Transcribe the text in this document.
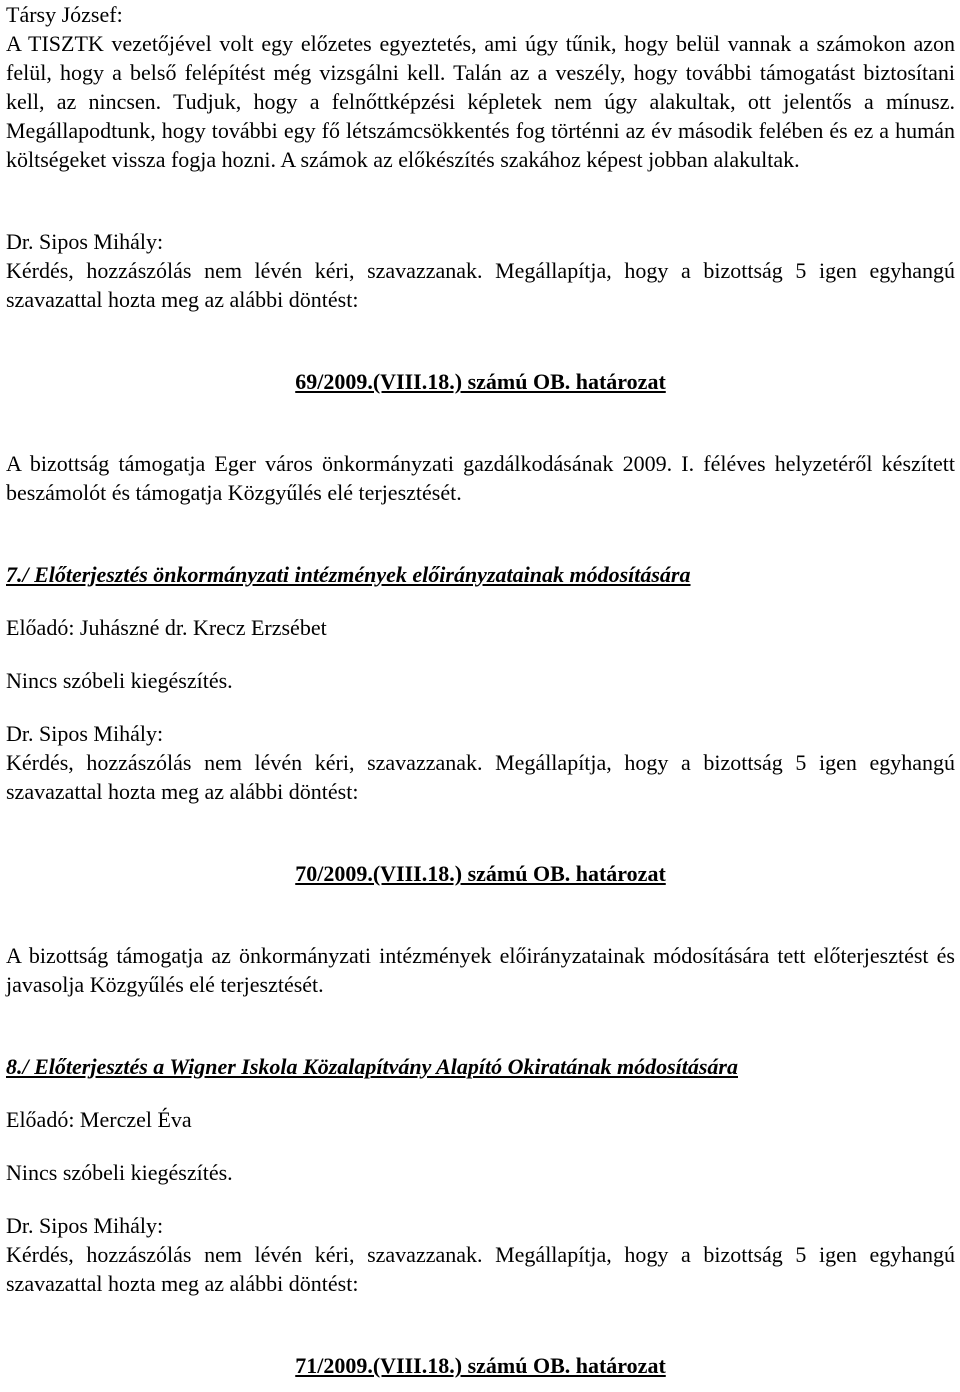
Társy József:

A TISZTK vezetőjével volt egy előzetes egyeztetés, ami úgy tűnik, hogy belül vannak a számokon azon felül, hogy a belső felépítést még vizsgálni kell. Talán az a veszély, hogy további támogatást biztosítani kell, az nincsen. Tudjuk, hogy a felnőttképzési képletek nem úgy alakultak, ott jelentős a mínusz. Megállapodtunk, hogy további egy fő létszámcsökkentés fog történni az év második felében és ez a humán költségeket vissza fogja hozni. A számok az előkészítés szakához képest jobban alakultak.

Dr. Sipos Mihály:

Kérdés, hozzászólás nem lévén kéri, szavazzanak. Megállapítja, hogy a bizottság 5 igen egyhangú szavazattal hozta meg az alábbi döntést:

69/2009.(VIII.18.) számú OB. határozat

A bizottság támogatja Eger város önkormányzati gazdálkodásának 2009. I. féléves helyzetéről készített beszámolót és támogatja Közgyűlés elé terjesztését.

7./ Előterjesztés önkormányzati intézmények előirányzatainak módosítására

Előadó: Juhászné dr. Krecz Erzsébet

Nincs szóbeli kiegészítés.

Dr. Sipos Mihály:

Kérdés, hozzászólás nem lévén kéri, szavazzanak. Megállapítja, hogy a bizottság 5 igen egyhangú szavazattal hozta meg az alábbi döntést:

70/2009.(VIII.18.) számú OB. határozat

A bizottság támogatja az önkormányzati intézmények előirányzatainak módosítására tett előterjesztést és javasolja Közgyűlés elé terjesztését.

8./ Előterjesztés a Wigner Iskola Közalapítvány Alapító Okiratának módosítására

Előadó: Merczel Éva

Nincs szóbeli kiegészítés.

Dr. Sipos Mihály:

Kérdés, hozzászólás nem lévén kéri, szavazzanak. Megállapítja, hogy a bizottság 5 igen egyhangú szavazattal hozta meg az alábbi döntést:

71/2009.(VIII.18.) számú OB. határozat
